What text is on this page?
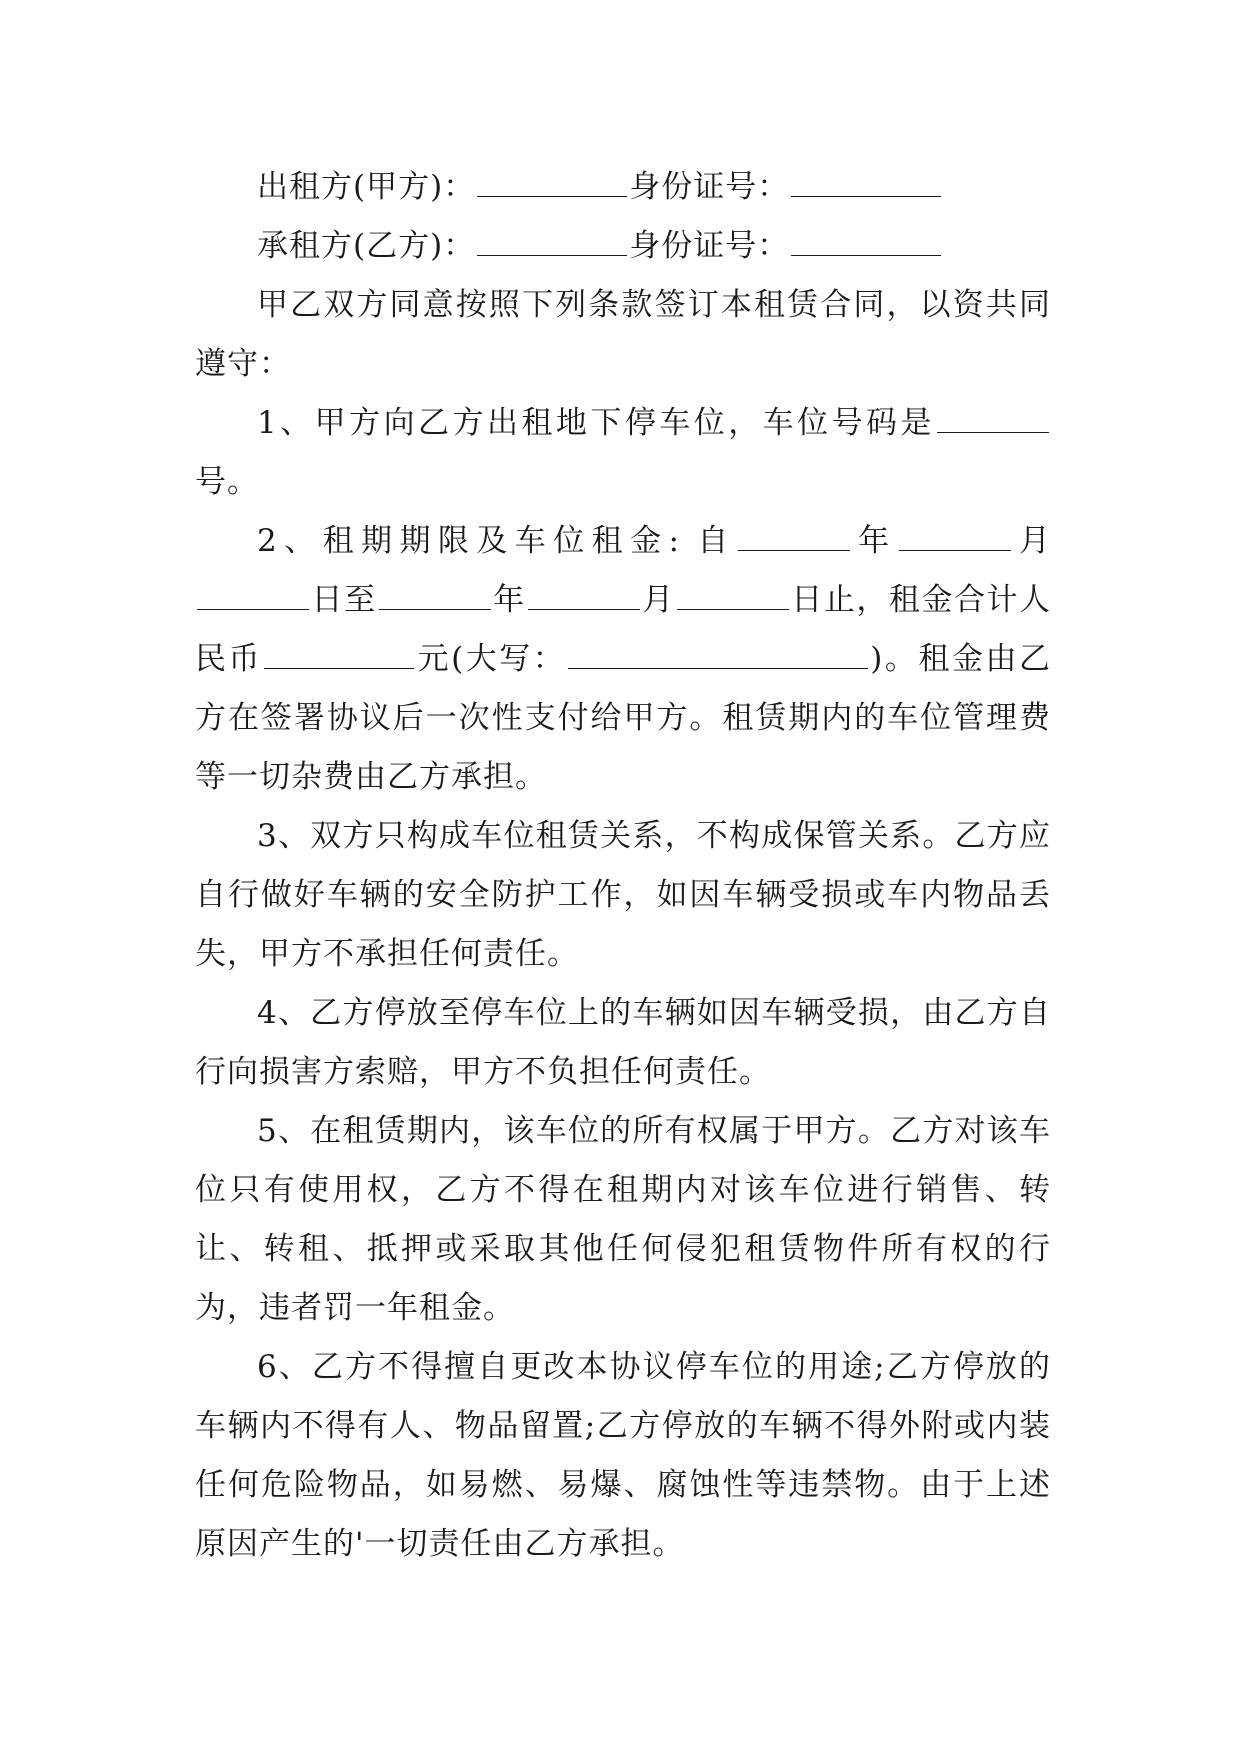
出租方(甲方)：	身份证号：

承租方(乙方)：	身份证号：

甲乙双方同意按照下列条款签订本租赁合同，以资共同遵守：

1、甲方向乙方出租地下停车位，车位号码是号。

2、租期期限及车位租金: 自	年	月日至	年	月	日止，租金合计人民币	元(大写：	)。租金由乙方在签署协议后一次性支付给甲方。租赁期内的车位管理费等一切杂费由乙方承担。

3、双方只构成车位租赁关系，不构成保管关系。乙方应自行做好车辆的安全防护工作，如因车辆受损或车内物品丢失，甲方不承担任何责任。

4、乙方停放至停车位上的车辆如因车辆受损，由乙方自行向损害方索赔，甲方不负担任何责任。

5、在租赁期内，该车位的所有权属于甲方。乙方对该车位只有使用权，乙方不得在租期内对该车位进行销售、转让、转租、抵押或采取其他任何侵犯租赁物件所有权的行为，违者罚一年租金。

6、乙方不得擅自更改本协议停车位的用途;乙方停放的车辆内不得有人、物品留置;乙方停放的车辆不得外附或内装任何危险物品，如易燃、易爆、腐蚀性等违禁物。由于上述原因产生的'一切责任由乙方承担。
